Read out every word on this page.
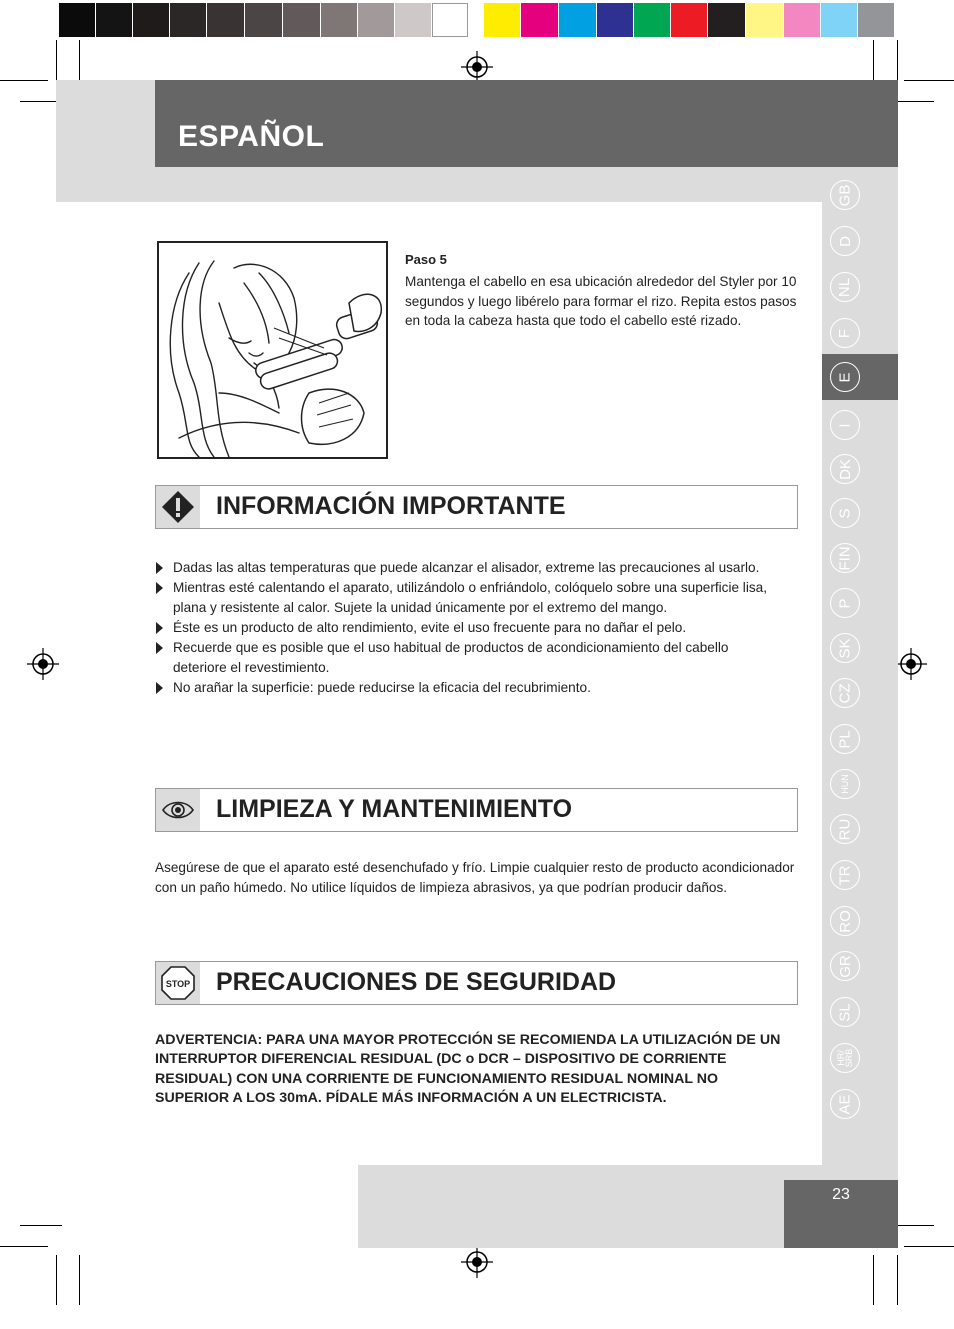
ESPAÑOL
GB
D
NL
F
E
I
DK
S
FIN
P
SK
CZ
PL
HUN
RU
TR
RO
GR
SL
HR/ SRB
AE
Paso 5
Mantenga el cabello en esa ubicación alrededor del Styler por 10 segundos y luego libérelo para formar el rizo. Repita estos pasos en toda la cabeza hasta que todo el cabello esté rizado.
INFORMACIÓN IMPORTANTE
Dadas las altas temperaturas que puede alcanzar el alisador, extreme las precauciones al usarlo.
Mientras esté calentando el aparato, utilizándolo o enfriándolo, colóquelo sobre una superficie lisa, plana y resistente al calor. Sujete la unidad únicamente por el extremo del mango.
Éste es un producto de alto rendimiento, evite el uso frecuente para no dañar el pelo.
Recuerde que es posible que el uso habitual de productos de acondicionamiento del cabello deteriore el revestimiento.
No arañar la superficie: puede reducirse la eficacia del recubrimiento.
LIMPIEZA Y MANTENIMIENTO
Asegúrese de que el aparato esté desenchufado y frío. Limpie cualquier resto de producto acondicionador con un paño húmedo. No utilice líquidos de limpieza abrasivos, ya que podrían producir daños.
STOP PRECAUCIONES DE SEGURIDAD
ADVERTENCIA: PARA UNA MAYOR PROTECCIÓN SE RECOMIENDA LA UTILIZACIÓN DE UN INTERRUPTOR DIFERENCIAL RESIDUAL (DC o DCR – DISPOSITIVO DE CORRIENTE RESIDUAL) CON UNA CORRIENTE DE FUNCIONAMIENTO RESIDUAL NOMINAL NO SUPERIOR A LOS 30mA. PÍDALE MÁS INFORMACIÓN A UN ELECTRICISTA.
23
